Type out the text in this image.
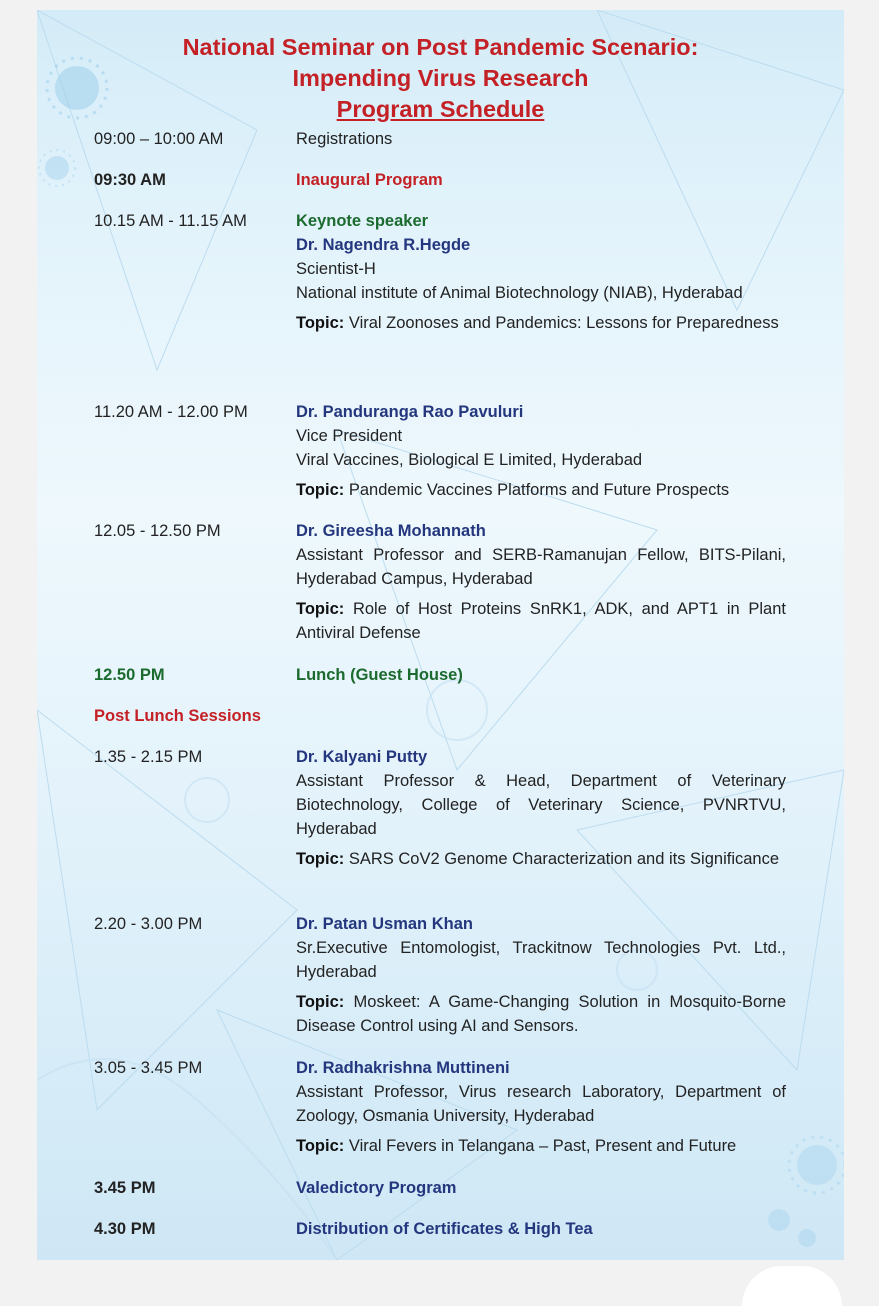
National Seminar on Post Pandemic Scenario:
Impending Virus Research
Program Schedule
09:00 – 10:00 AM	Registrations
09:30 AM	Inaugural Program
10.15 AM - 11.15 AM	Keynote speaker
Dr. Nagendra R.Hegde
Scientist-H
National institute of Animal Biotechnology (NIAB), Hyderabad
Topic: Viral Zoonoses and Pandemics: Lessons for Preparedness
11.20 AM - 12.00 PM	Dr. Panduranga Rao Pavuluri
Vice President
Viral Vaccines, Biological E Limited, Hyderabad
Topic: Pandemic Vaccines Platforms and Future Prospects
12.05 - 12.50 PM	Dr. Gireesha Mohannath
Assistant Professor and SERB-Ramanujan Fellow, BITS-Pilani, Hyderabad Campus, Hyderabad
Topic: Role of Host Proteins SnRK1, ADK, and APT1 in Plant Antiviral Defense
12.50 PM	Lunch (Guest House)
Post Lunch Sessions
1.35 - 2.15 PM	Dr. Kalyani Putty
Assistant Professor & Head, Department of Veterinary Biotechnology, College of Veterinary Science, PVNRTVU, Hyderabad
Topic: SARS CoV2 Genome Characterization and its Significance
2.20 - 3.00 PM	Dr. Patan Usman Khan
Sr.Executive Entomologist, Trackitnow Technologies Pvt. Ltd., Hyderabad
Topic: Moskeet: A Game-Changing Solution in Mosquito-Borne Disease Control using AI and Sensors.
3.05 - 3.45 PM	Dr. Radhakrishna Muttineni
Assistant Professor, Virus research Laboratory, Department of Zoology, Osmania University, Hyderabad
Topic: Viral Fevers in Telangana – Past, Present and Future
3.45 PM	Valedictory Program
4.30 PM	Distribution of Certificates & High Tea
